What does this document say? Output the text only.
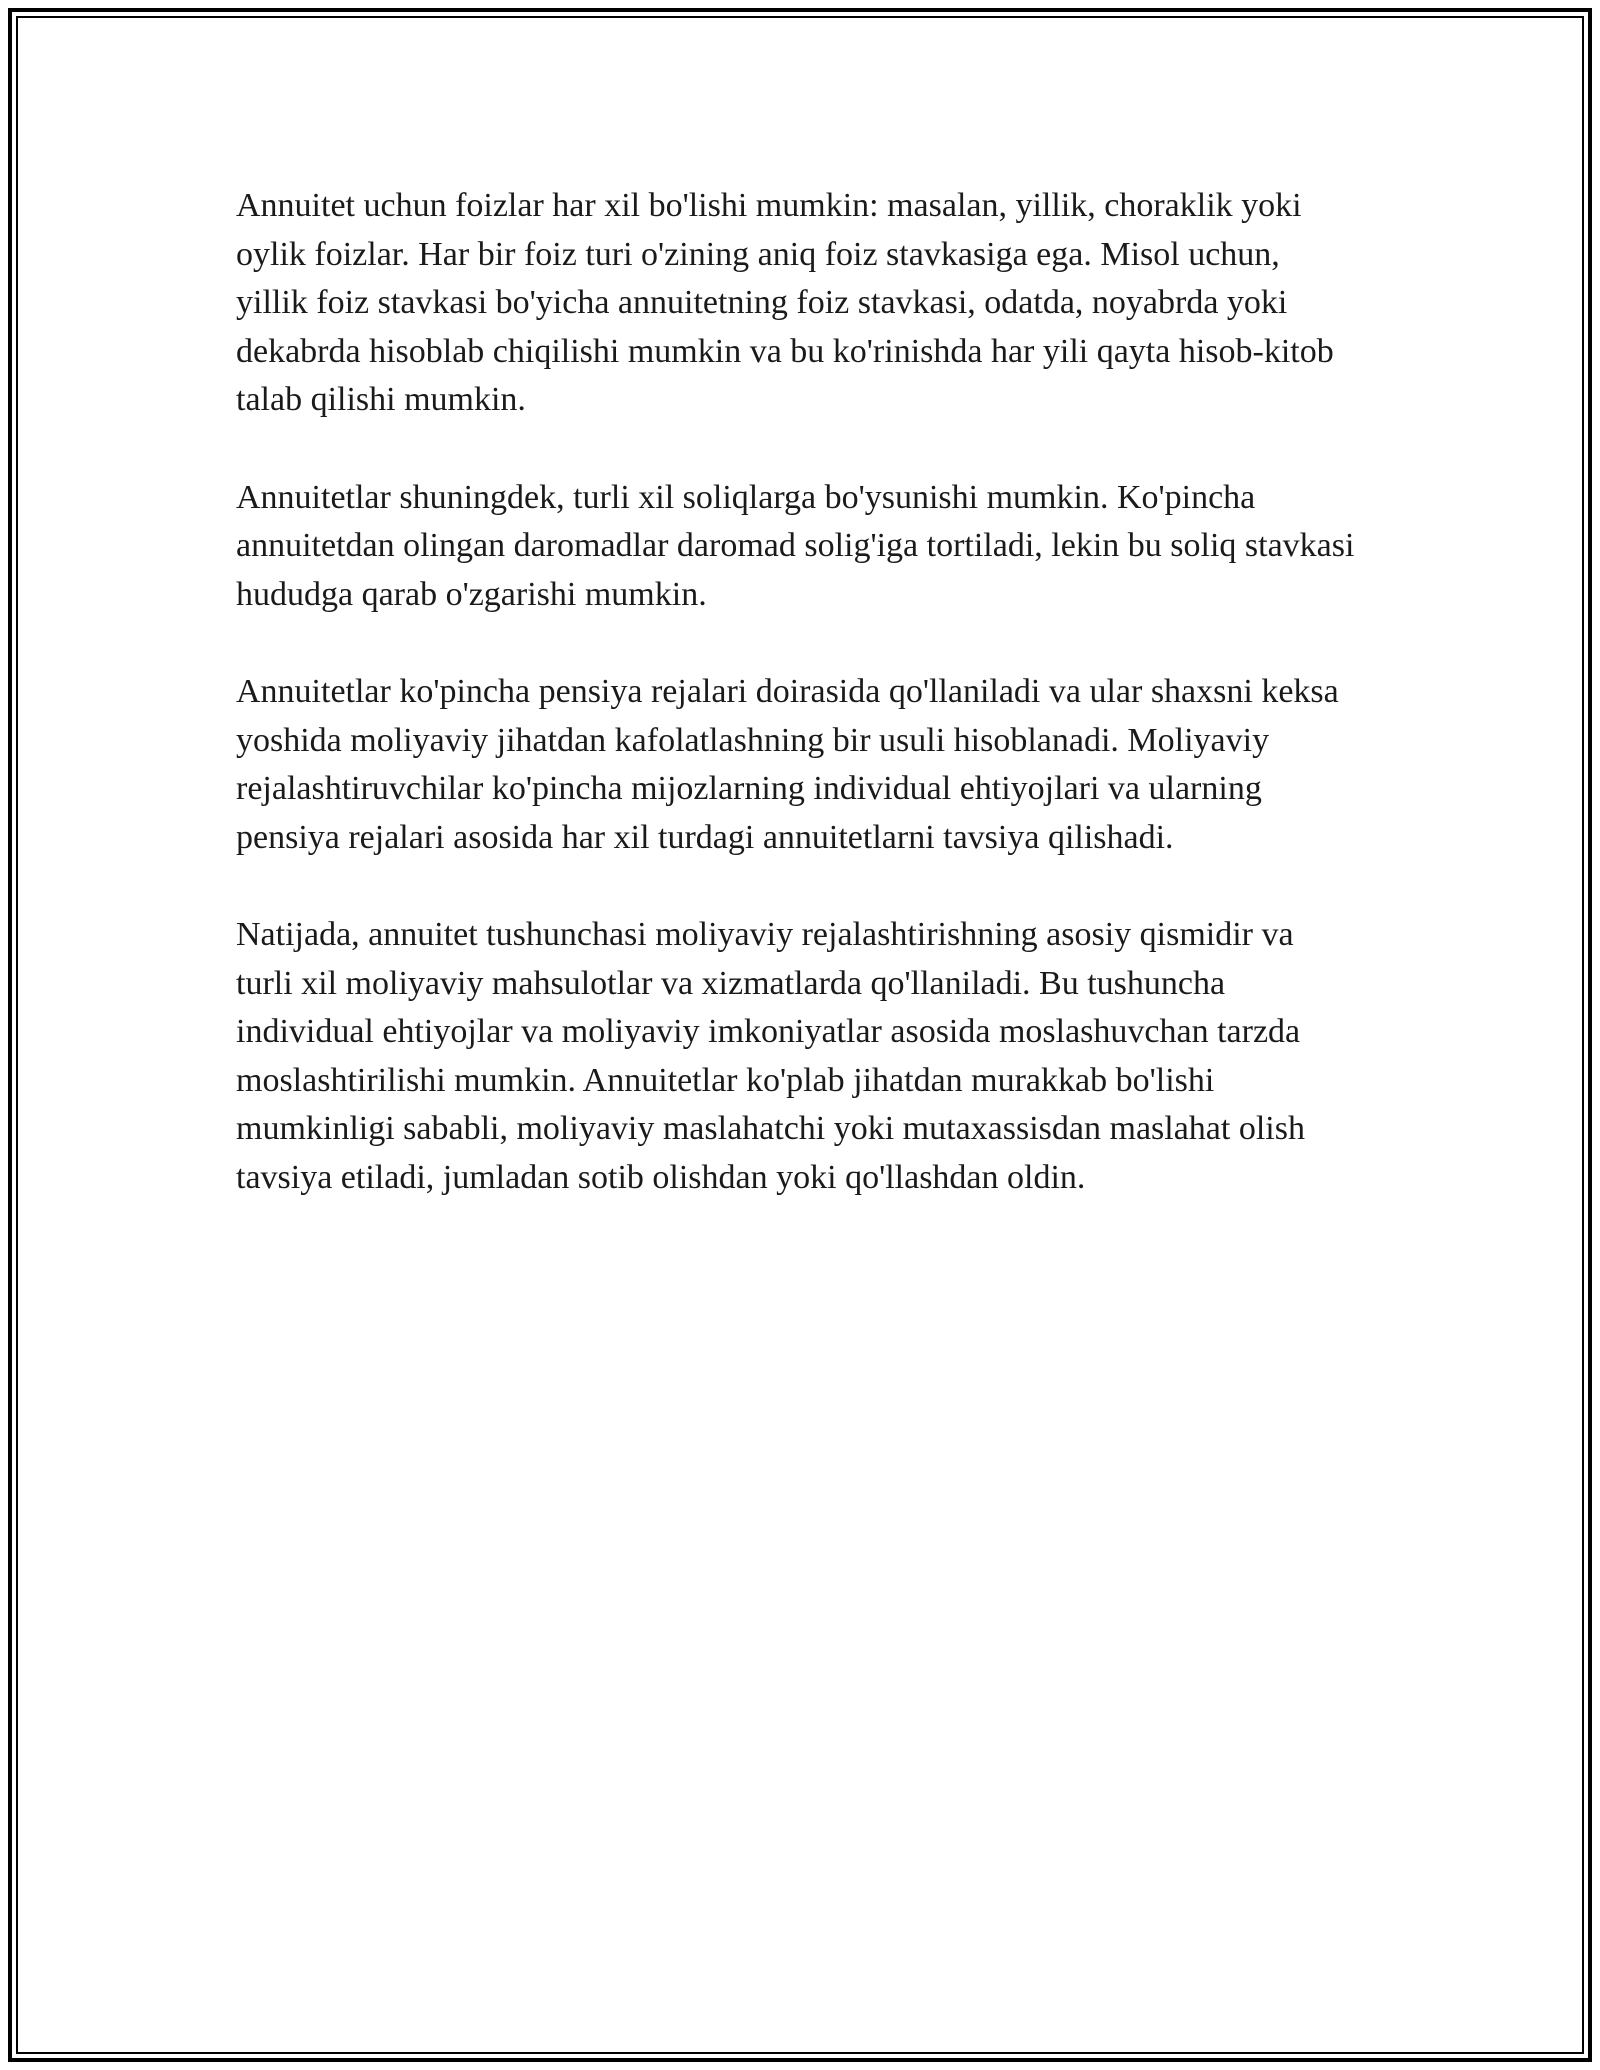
Annuitet uchun foizlar har xil bo'lishi mumkin: masalan, yillik, choraklik yoki oylik foizlar. Har bir foiz turi o'zining aniq foiz stavkasiga ega. Misol uchun, yillik foiz stavkasi bo'yicha annuitetning foiz stavkasi, odatda, noyabrda yoki dekabrda hisoblab chiqilishi mumkin va bu ko'rinishda har yili qayta hisob-kitob talab qilishi mumkin.

Annuitetlar shuningdek, turli xil soliqlarga bo'ysunishi mumkin. Ko'pincha annuitetdan olingan daromadlar daromad solig'iga tortiladi, lekin bu soliq stavkasi hududga qarab o'zgarishi mumkin.

Annuitetlar ko'pincha pensiya rejalari doirasida qo'llaniladi va ular shaxsni keksa yoshida moliyaviy jihatdan kafolatlashning bir usuli hisoblanadi. Moliyaviy rejalashtiruvchilar ko'pincha mijozlarning individual ehtiyojlari va ularning pensiya rejalari asosida har xil turdagi annuitetlarni tavsiya qilishadi.

Natijada, annuitet tushunchasi moliyaviy rejalashtirishning asosiy qismidir va turli xil moliyaviy mahsulotlar va xizmatlarda qo'llaniladi. Bu tushuncha individual ehtiyojlar va moliyaviy imkoniyatlar asosida moslashuvchan tarzda moslashtirilishi mumkin. Annuitetlar ko'plab jihatdan murakkab bo'lishi mumkinligi sababli, moliyaviy maslahatchi yoki mutaxassisdan maslahat olish tavsiya etiladi, jumladan sotib olishdan yoki qo'llashdan oldin.
